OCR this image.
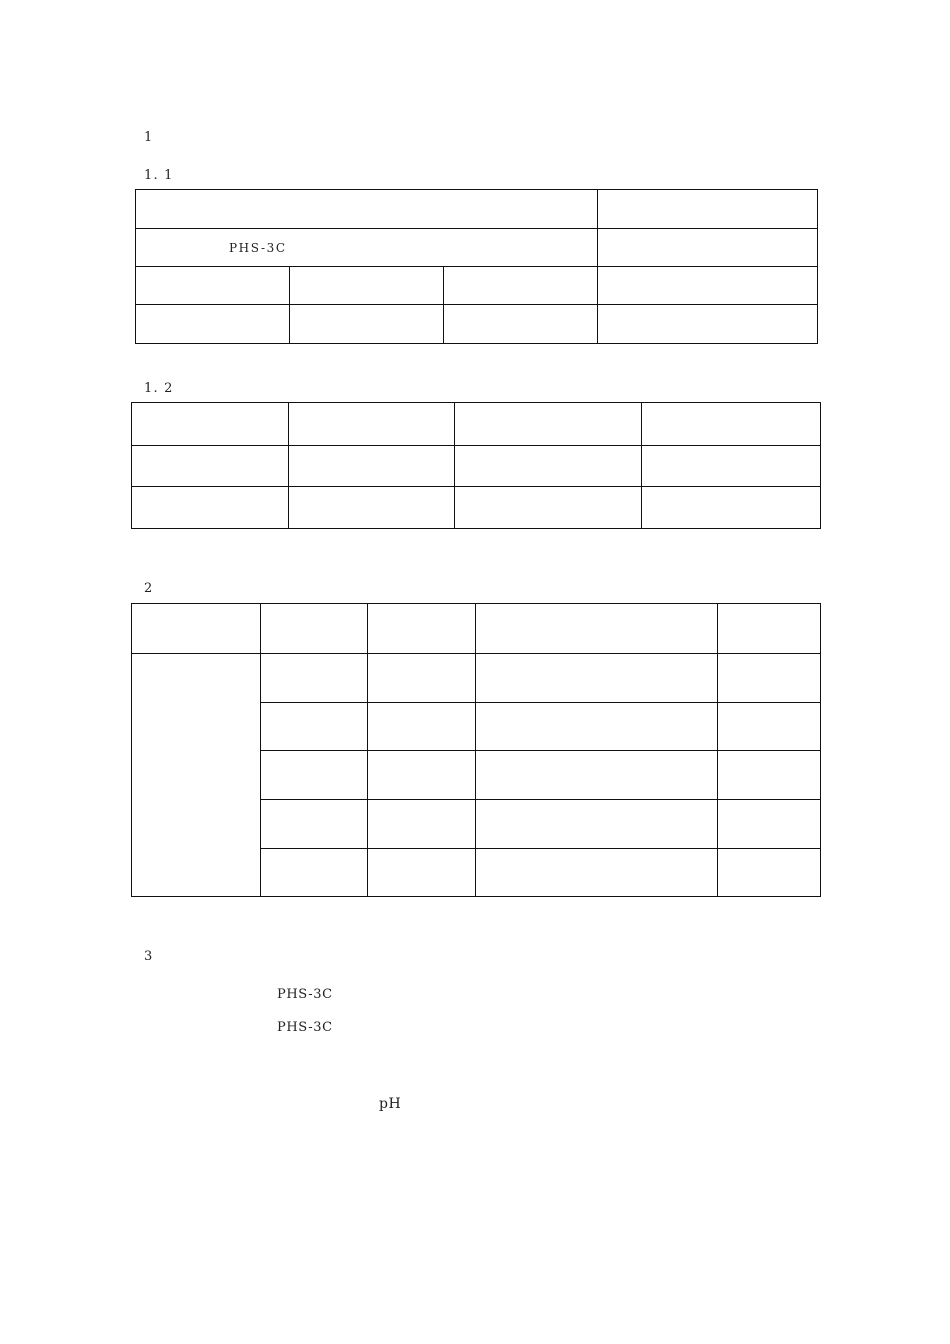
1 　　　　　　　　　
1. 1　　　　　　

PHS-3C　　　　　　　　　　　　			

1. 2　　　　　　

2 　　　　　　　　

3 　　　　

PHS-3C　　　　　　　　　

PHS-3C

pH　
